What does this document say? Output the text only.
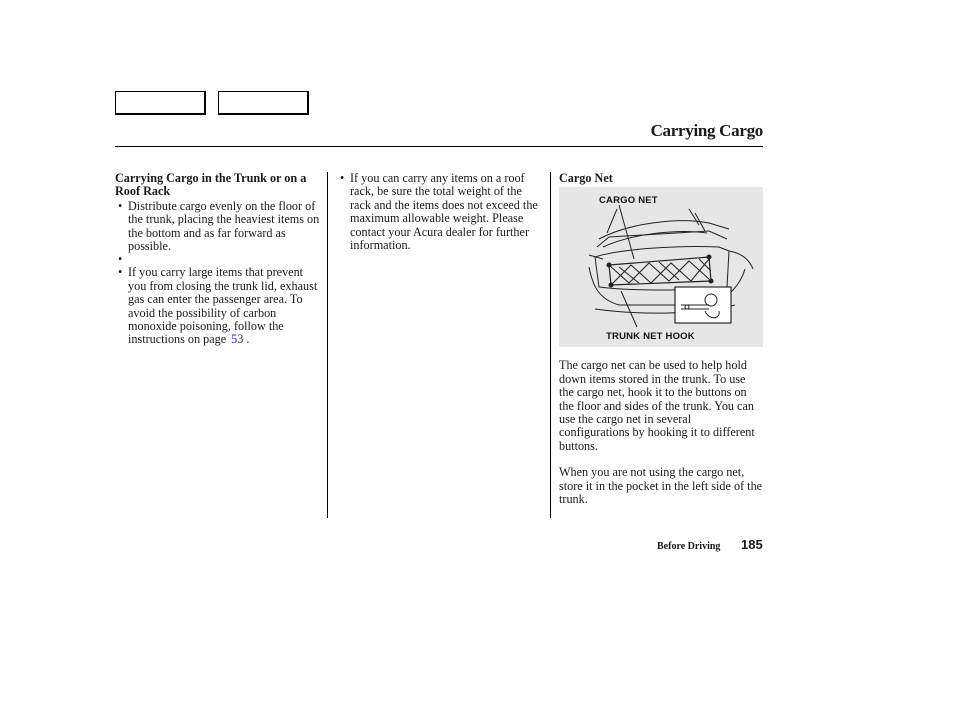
Carrying Cargo
Carrying Cargo in the Trunk or on a Roof Rack
• Distribute cargo evenly on the floor of the trunk, placing the heaviest items on the bottom and as far forward as possible.
•
• If you carry large items that prevent you from closing the trunk lid, exhaust gas can enter the passenger area. To avoid the possibility of carbon monoxide poisoning, follow the instructions on page 53 .
• If you can carry any items on a roof rack, be sure the total weight of the rack and the items does not exceed the maximum allowable weight. Please contact your Acura dealer for further information.
Cargo Net
CARGO NET
TRUNK NET HOOK

The cargo net can be used to help hold down items stored in the trunk. To use the cargo net, hook it to the buttons on the floor and sides of the trunk. You can use the cargo net in several configurations by hooking it to different buttons.

When you are not using the cargo net, store it in the pocket in the left side of the trunk.

Before Driving 185
